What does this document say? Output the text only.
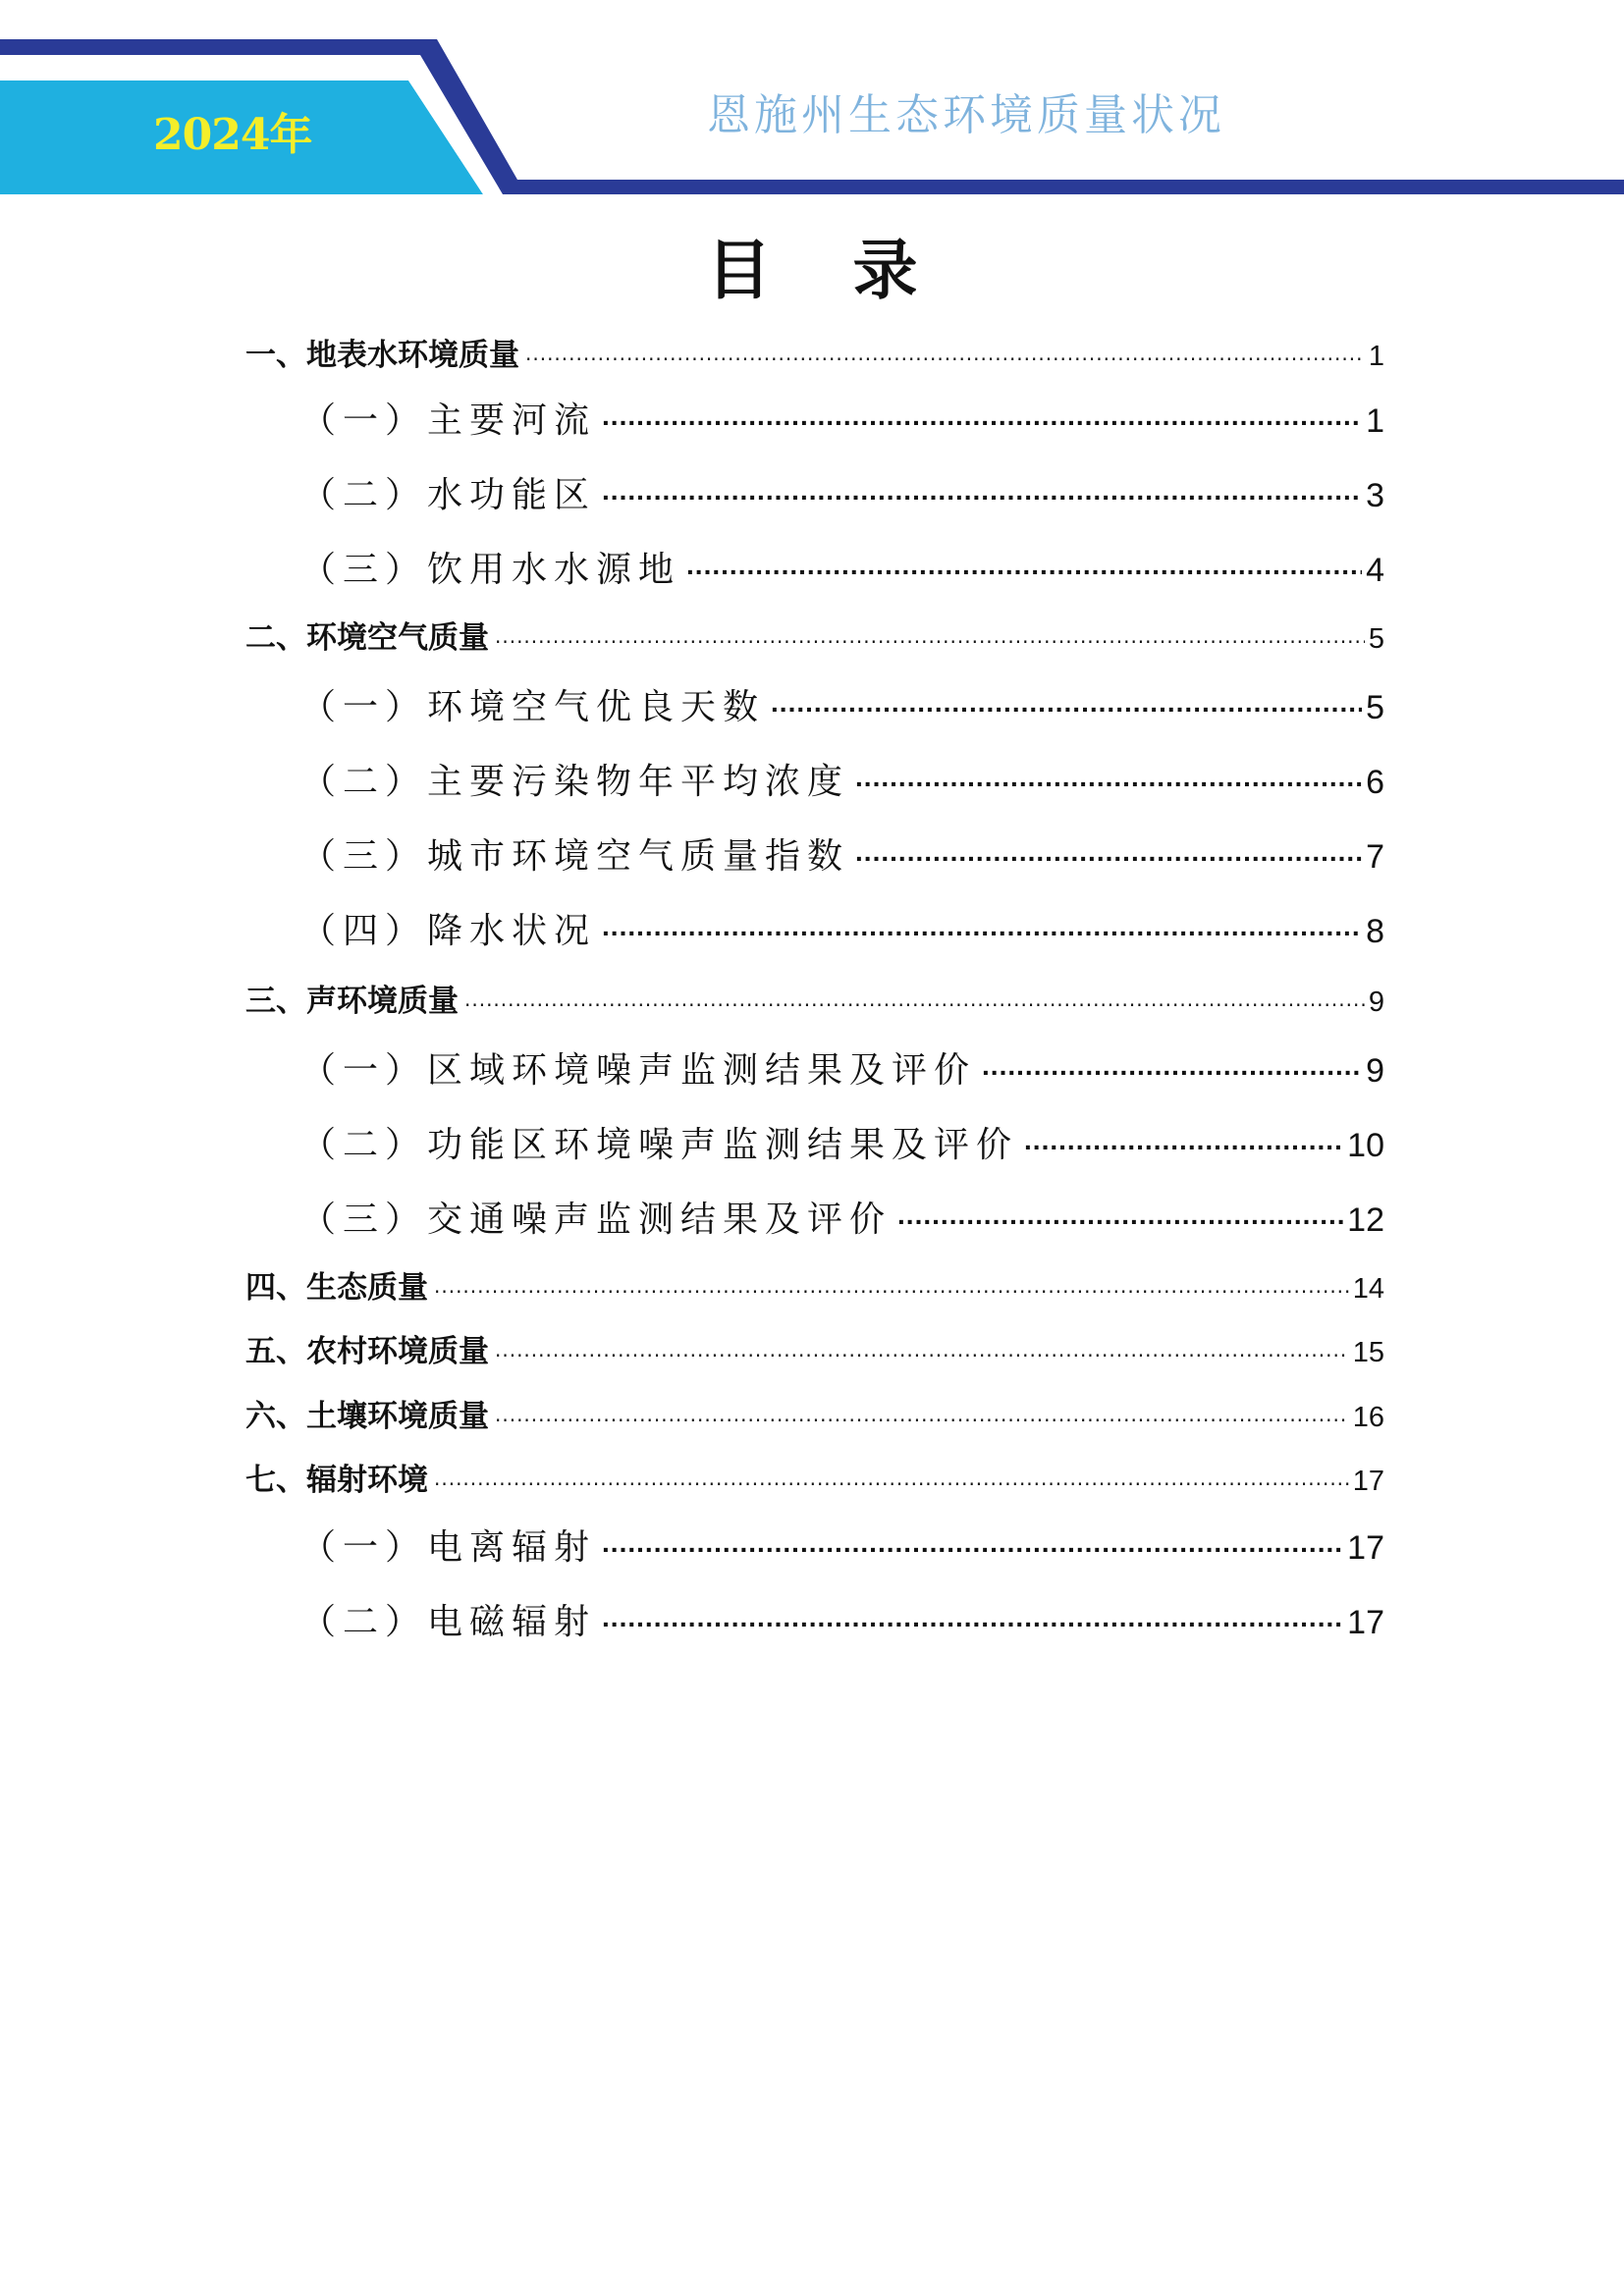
2024年	恩施州生态环境质量状况
目 录
一、地表水环境质量 .....	1
（一）主要河流 .....	1
（二）水功能区 .....	3
（三）饮用水水源地 .....	4
二、环境空气质量 .....	5
（一）环境空气优良天数 .....	5
（二）主要污染物年平均浓度 .....	6
（三）城市环境空气质量指数 .....	7
（四）降水状况 .....	8
三、声环境质量 .....	9
（一）区域环境噪声监测结果及评价 .....	9
（二）功能区环境噪声监测结果及评价 .....	10
（三）交通噪声监测结果及评价 .....	12
四、生态质量 .....	14
五、农村环境质量 .....	15
六、土壤环境质量 .....	16
七、辐射环境 .....	17
（一）电离辐射 .....	17
（二）电磁辐射 .....	17
